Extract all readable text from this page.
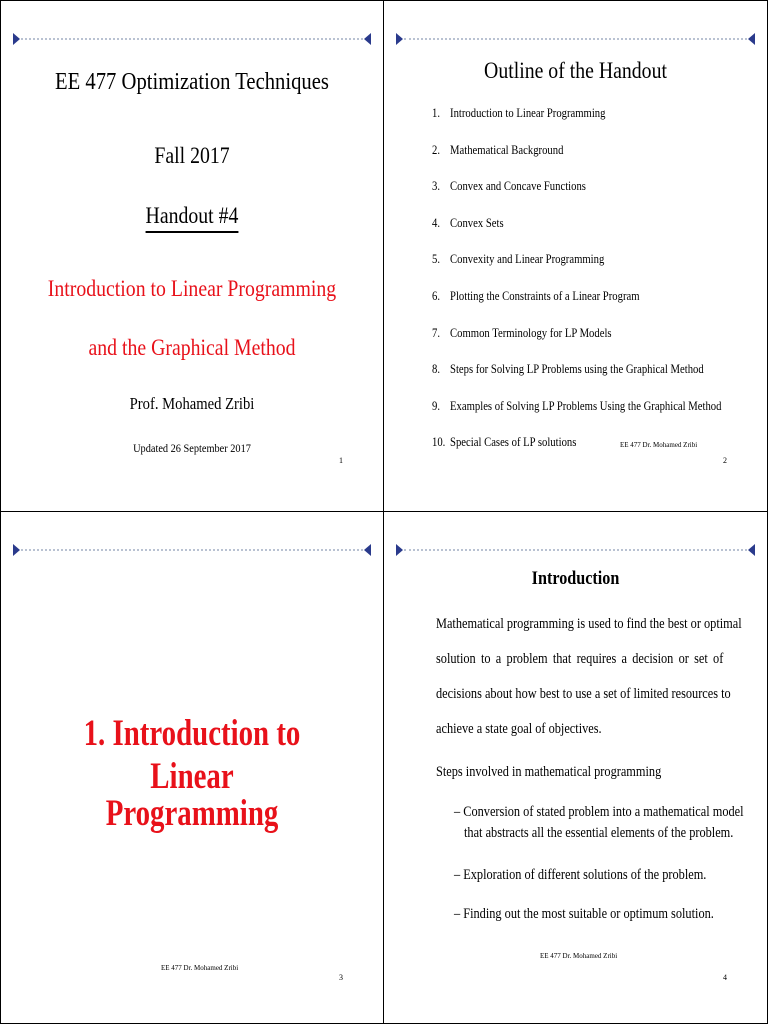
EE 477 Optimization Techniques
Fall 2017
Handout #4
Introduction to Linear Programming
and the Graphical Method
Prof. Mohamed Zribi
Updated 26 September 2017
1
Outline of the Handout
1. Introduction to Linear Programming
2. Mathematical Background
3. Convex and Concave Functions
4. Convex Sets
5. Convexity and Linear Programming
6. Plotting the Constraints of a Linear Program
7. Common Terminology for LP Models
8. Steps for Solving LP Problems using the Graphical Method
9. Examples of Solving LP Problems Using the Graphical Method
10. Special Cases of LP solutions	EE 477 Dr. Mohamed Zribi
2
1. Introduction to Linear
Programming
EE 477 Dr. Mohamed Zribi
3
Introduction
Mathematical programming is used to find the best or optimal
solution to a problem that requires a decision or set of
decisions about how best to use a set of limited resources to
achieve a state goal of objectives.
Steps involved in mathematical programming
– Conversion of stated problem into a mathematical model
that abstracts all the essential elements of the problem.
– Exploration of different solutions of the problem.
– Finding out the most suitable or optimum solution.
EE 477 Dr. Mohamed Zribi
4
